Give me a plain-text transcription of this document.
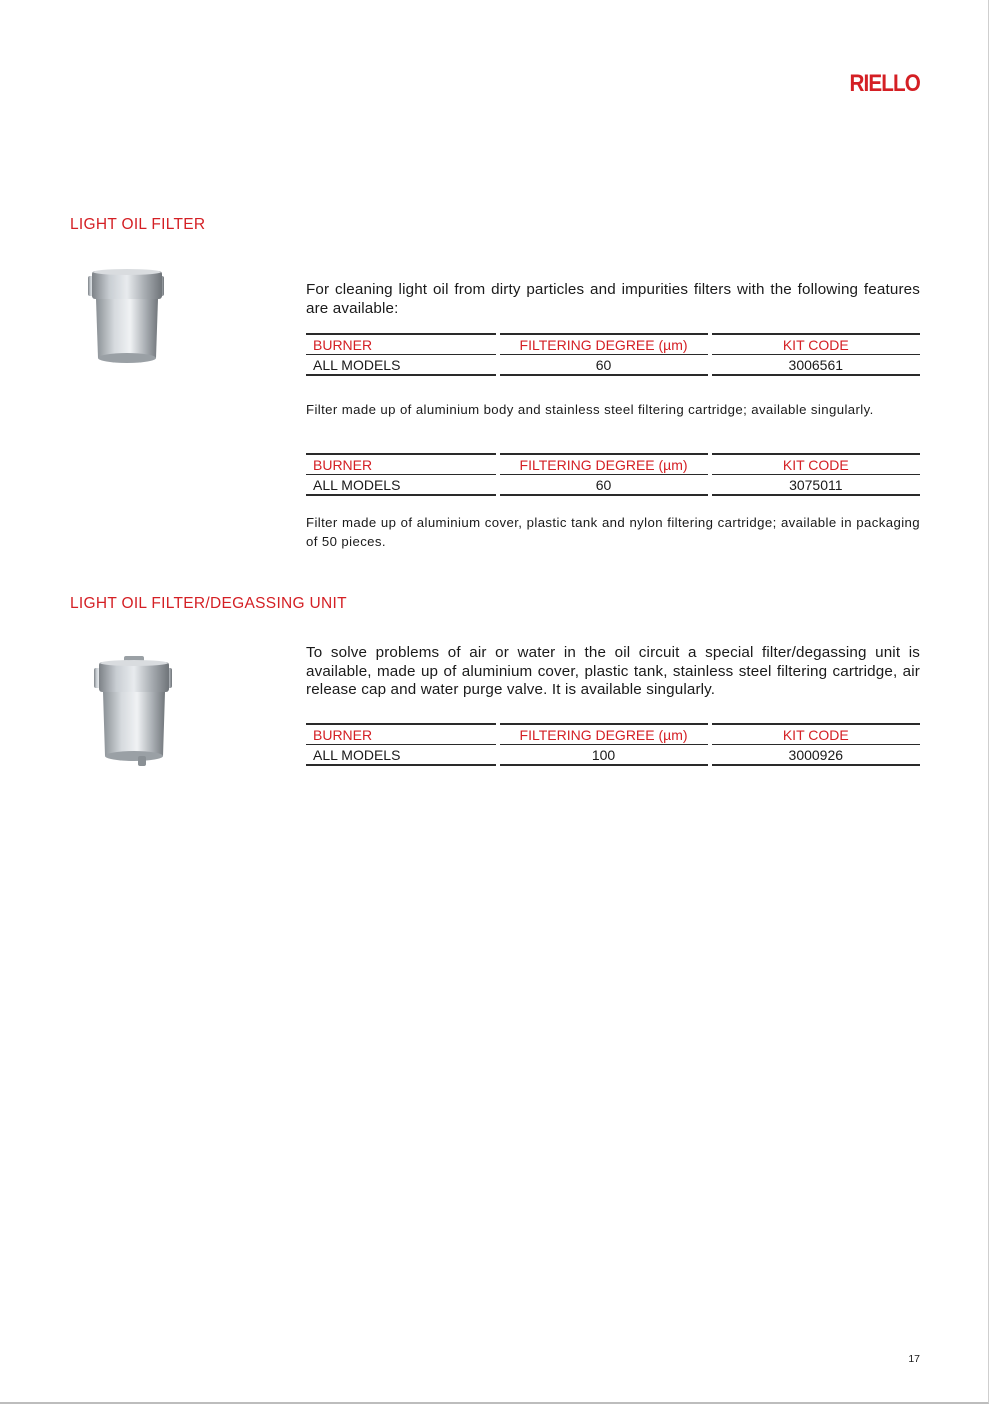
RIELLO
LIGHT OIL FILTER
For cleaning light oil from dirty particles and impurities filters with the following features are available:
BURNER	FILTERING DEGREE (µm)	KIT CODE
ALL MODELS	60	3006561
Filter made up of aluminium body and stainless steel filtering cartridge; available singularly.
BURNER	FILTERING DEGREE (µm)	KIT CODE
ALL MODELS	60	3075011
Filter made up of aluminium cover, plastic tank and nylon filtering cartridge; available in packaging of 50 pieces.
LIGHT OIL FILTER/DEGASSING UNIT
To solve problems of air or water in the oil circuit a special filter/degassing unit is available, made up of aluminium cover, plastic tank, stainless steel filtering cartridge, air release cap and water purge valve. It is available singularly.
BURNER	FILTERING DEGREE (µm)	KIT CODE
ALL MODELS	100	3000926
17
